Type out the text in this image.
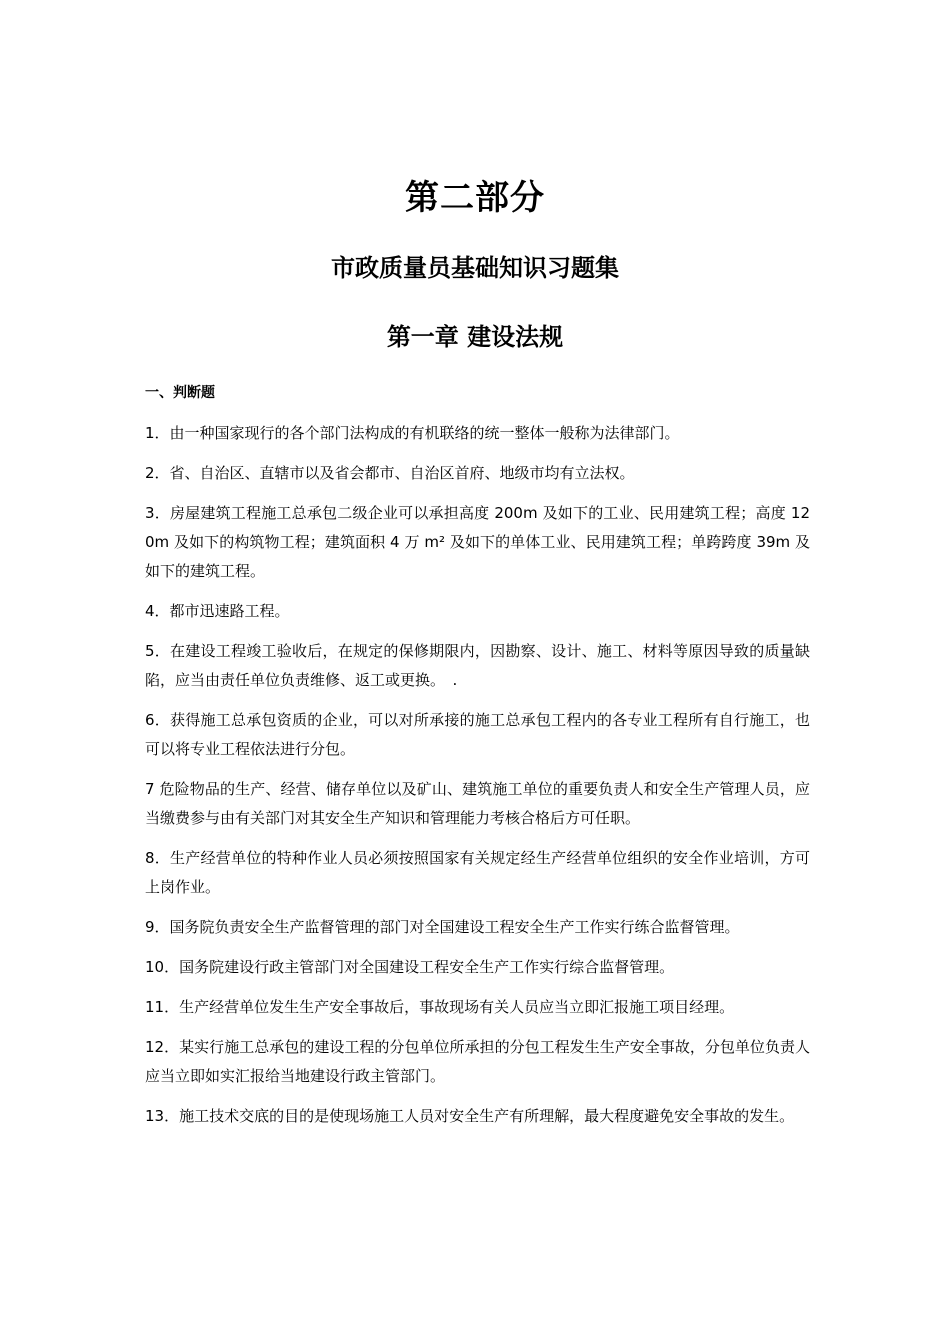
第二部分
市政质量员基础知识习题集
第一章 建设法规
一、判断题

1．由一种国家现行的各个部门法构成的有机联络的统一整体一般称为法律部门。

2．省、自治区、直辖市以及省会都市、自治区首府、地级市均有立法权。

3．房屋建筑工程施工总承包二级企业可以承担高度 200m 及如下的工业、民用建筑工程；高度 120m 及如下的构筑物工程；建筑面积 4 万 m² 及如下的单体工业、民用建筑工程；单跨跨度 39m 及如下的建筑工程。

4．都市迅速路工程。

5．在建设工程竣工验收后，在规定的保修期限内，因勘察、设计、施工、材料等原因导致的质量缺陷，应当由责任单位负责维修、返工或更换。　.

6．获得施工总承包资质的企业，可以对所承接的施工总承包工程内的各专业工程所有自行施工，也可以将专业工程依法进行分包。

7 危险物品的生产、经营、储存单位以及矿山、建筑施工单位的重要负责人和安全生产管理人员，应当缴费参与由有关部门对其安全生产知识和管理能力考核合格后方可任职。

8．生产经营单位的特种作业人员必须按照国家有关规定经生产经营单位组织的安全作业培训，方可上岗作业。

9．国务院负责安全生产监督管理的部门对全国建设工程安全生产工作实行练合监督管理。

10．国务院建设行政主管部门对全国建设工程安全生产工作实行综合监督管理。

11．生产经营单位发生生产安全事故后，事故现场有关人员应当立即汇报施工项目经理。

12．某实行施工总承包的建设工程的分包单位所承担的分包工程发生生产安全事故，分包单位负责人应当立即如实汇报给当地建设行政主管部门。

13．施工技术交底的目的是使现场施工人员对安全生产有所理解，最大程度避免安全事故的发生。
